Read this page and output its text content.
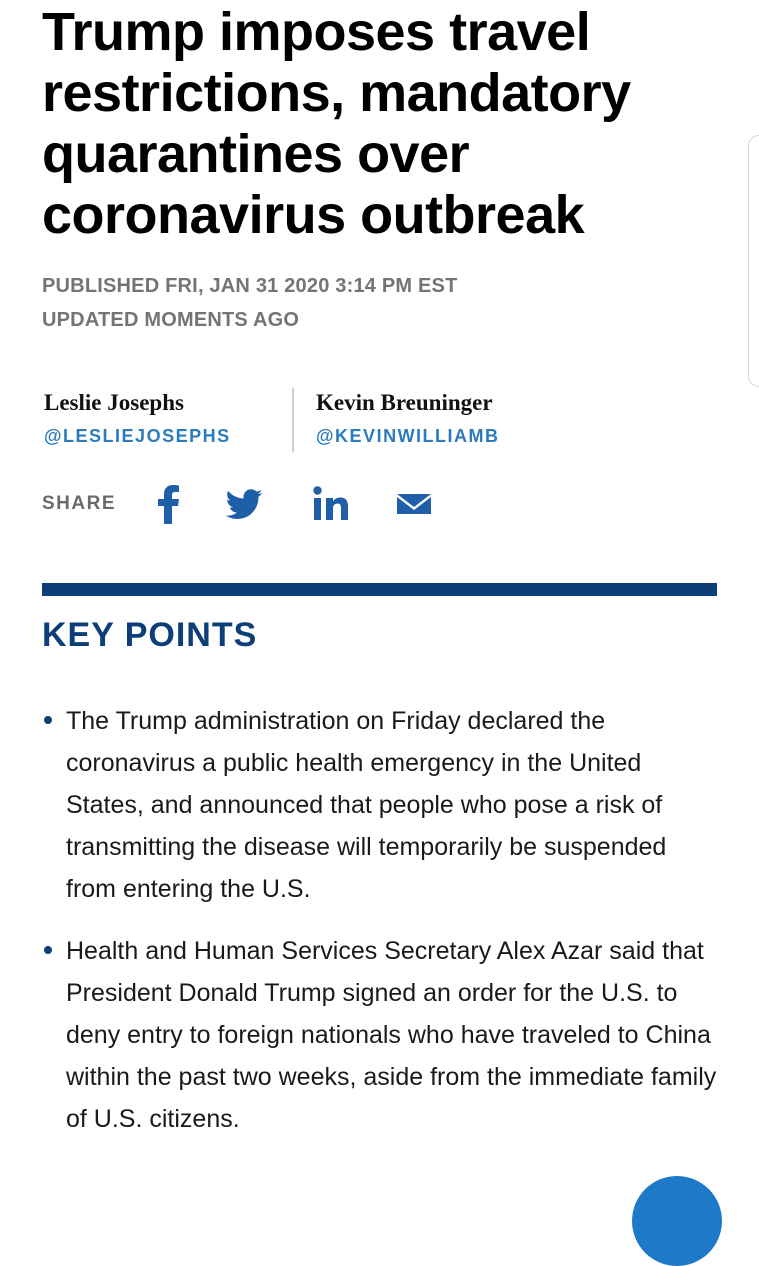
Trump imposes travel restrictions, mandatory quarantines over coronavirus outbreak
PUBLISHED FRI, JAN 31 2020 3:14 PM EST
UPDATED MOMENTS AGO
Leslie Josephs
@LESLIEJOSEPHS
Kevin Breuninger
@KEVINWILLIAMB
SHARE
KEY POINTS
The Trump administration on Friday declared the coronavirus a public health emergency in the United States, and announced that people who pose a risk of transmitting the disease will temporarily be suspended from entering the U.S.
Health and Human Services Secretary Alex Azar said that President Donald Trump signed an order for the U.S. to deny entry to foreign nationals who have traveled to China within the past two weeks, aside from the immediate family of U.S. citizens.
